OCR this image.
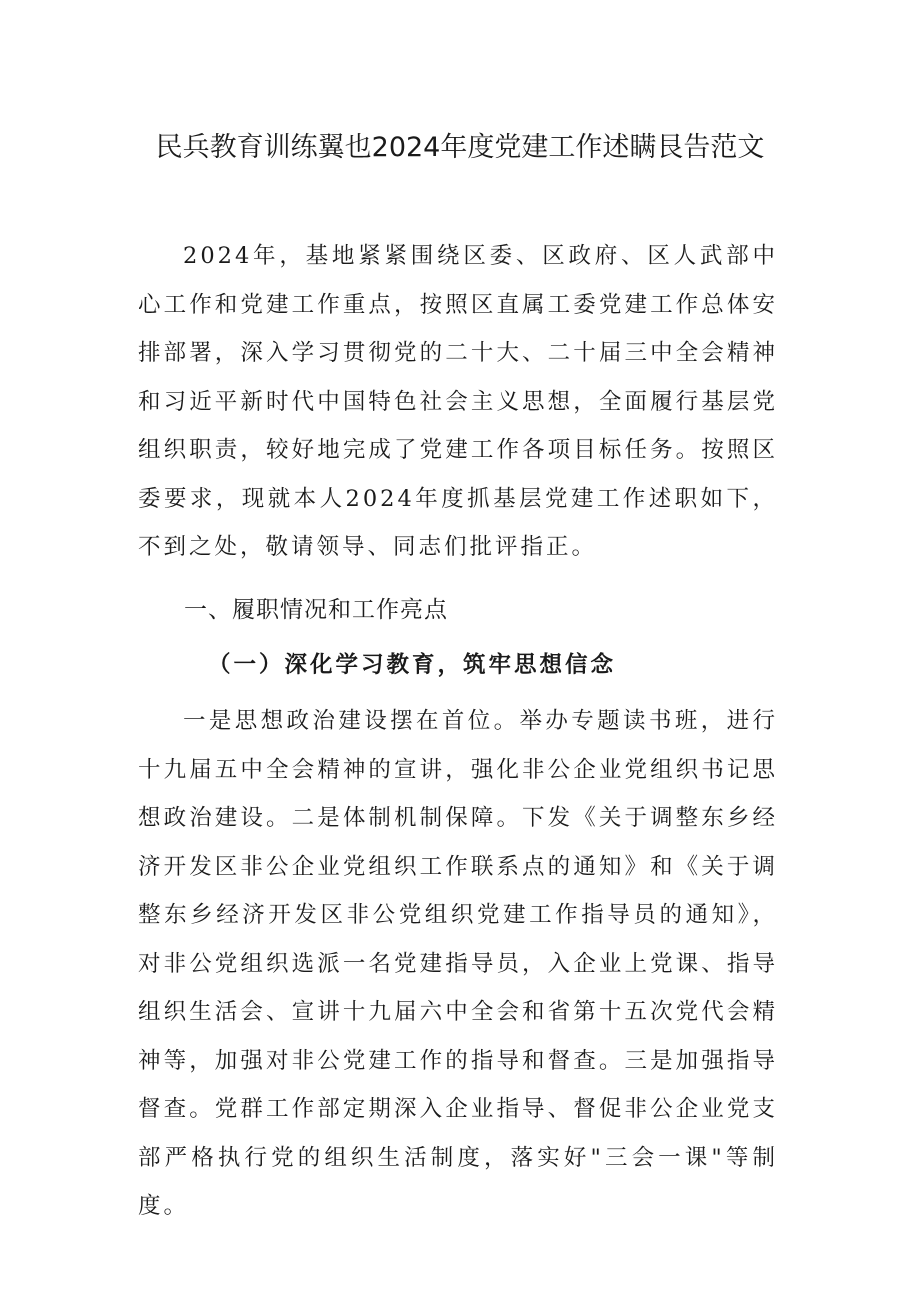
民兵教育训练翼也2024年度党建工作述瞒艮告范文

2024年，基地紧紧围绕区委、区政府、区人武部中心工作和党建工作重点，按照区直属工委党建工作总体安排部署，深入学习贯彻党的二十大、二十届三中全会精神和习近平新时代中国特色社会主义思想，全面履行基层党组织职责，较好地完成了党建工作各项目标任务。按照区委要求，现就本人2024年度抓基层党建工作述职如下，不到之处，敬请领导、同志们批评指正。

一、履职情况和工作亮点
（一）深化学习教育，筑牢思想信念

一是思想政治建设摆在首位。举办专题读书班，进行十九届五中全会精神的宣讲，强化非公企业党组织书记思想政治建设。二是体制机制保障。下发《关于调整东乡经济开发区非公企业党组织工作联系点的通知》和《关于调整东乡经济开发区非公党组织党建工作指导员的通知》，对非公党组织选派一名党建指导员，入企业上党课、指导组织生活会、宣讲十九届六中全会和省第十五次党代会精神等，加强对非公党建工作的指导和督查。三是加强指导督查。党群工作部定期深入企业指导、督促非公企业党支部严格执行党的组织生活制度，落实好"三会一课"等制度。
